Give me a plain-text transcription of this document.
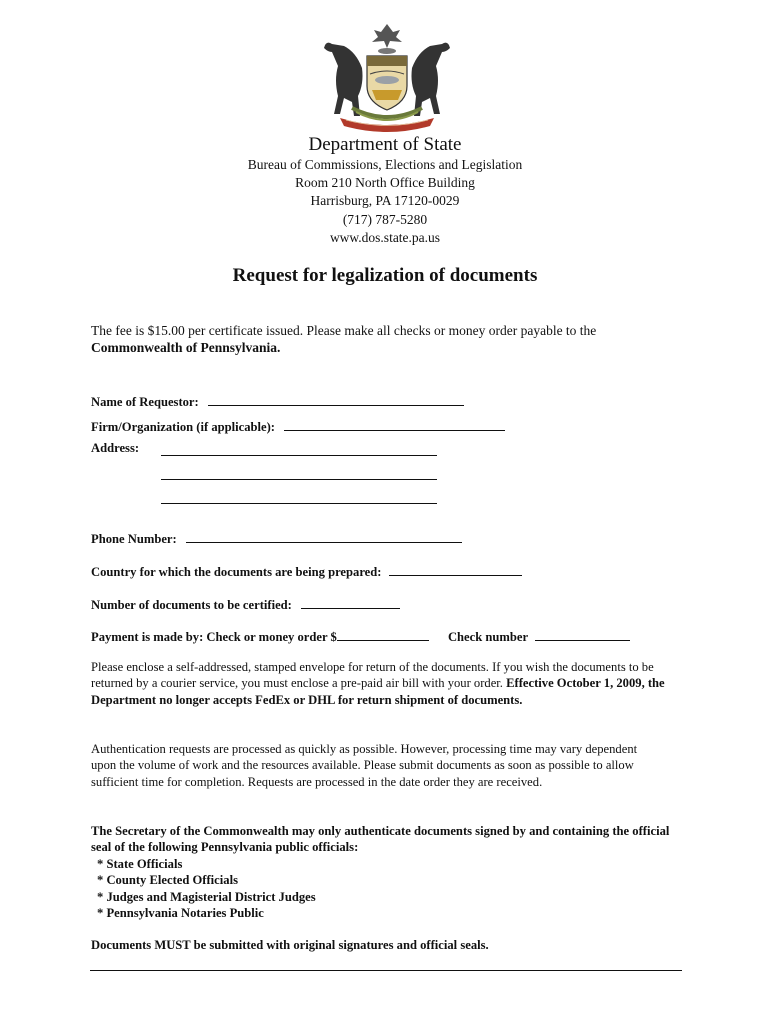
Department of State
Bureau of Commissions, Elections and Legislation
Room 210 North Office Building
Harrisburg, PA 17120-0029
(717) 787-5280
www.dos.state.pa.us
Request for legalization of documents
The fee is $15.00 per certificate issued. Please make all checks or money order payable to the
Commonwealth of Pennsylvania.
Name of Requestor:
Firm/Organization (if applicable):
Address:
Phone Number:
Country for which the documents are being prepared:
Number of documents to be certified:
Payment is made by: Check or money order $	Check number
Please enclose a self-addressed, stamped envelope for return of the documents. If you wish the documents to be returned by a courier service, you must enclose a pre-paid air bill with your order. Effective October 1, 2009, the Department no longer accepts FedEx or DHL for return shipment of documents.
Authentication requests are processed as quickly as possible. However, processing time may vary dependent upon the volume of work and the resources available. Please submit documents as soon as possible to allow sufficient time for completion. Requests are processed in the date order they are received.
The Secretary of the Commonwealth may only authenticate documents signed by and containing the official seal of the following Pennsylvania public officials:
* State Officials
* County Elected Officials
* Judges and Magisterial District Judges
* Pennsylvania Notaries Public
Documents MUST be submitted with original signatures and official seals.
